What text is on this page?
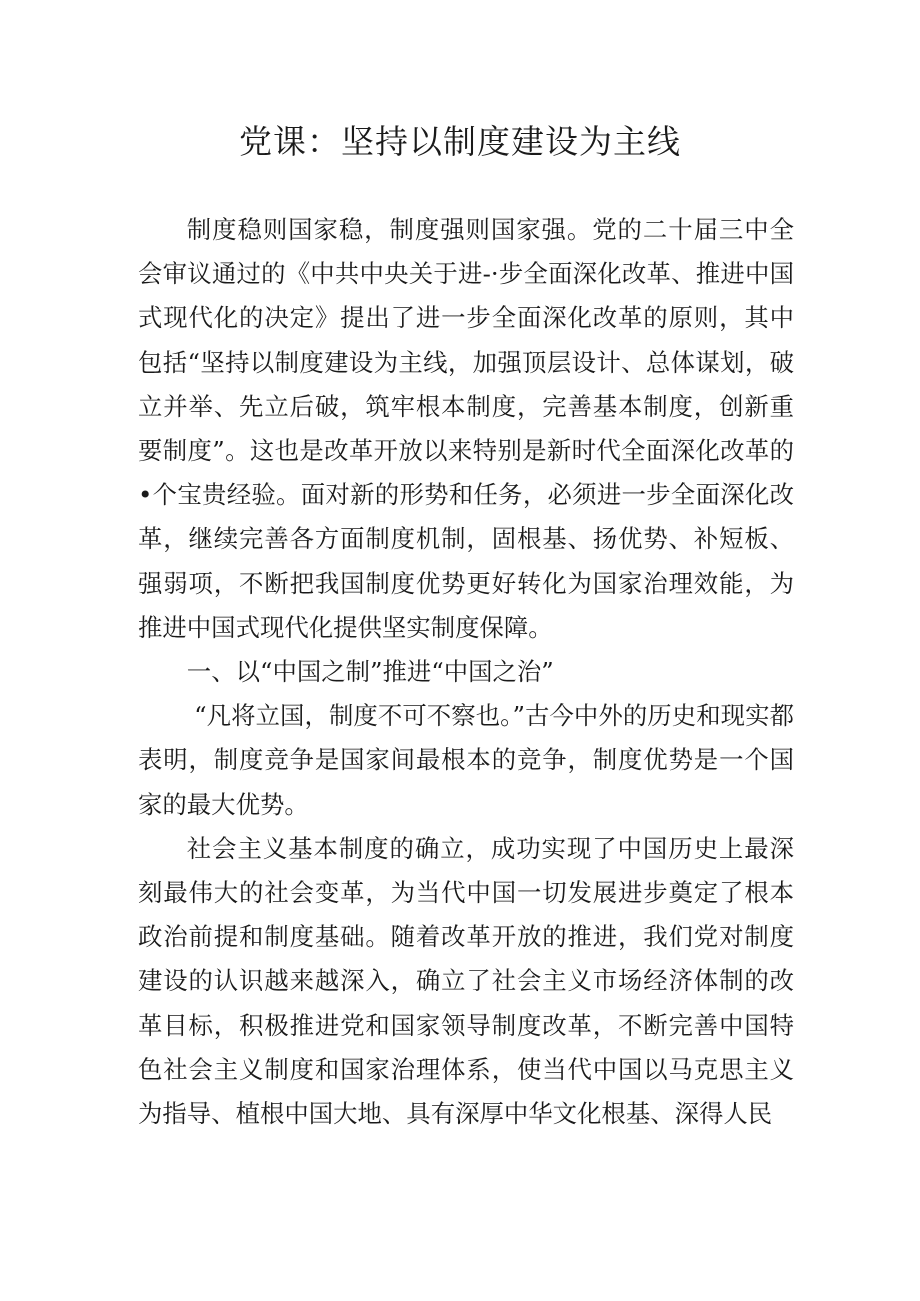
党课：坚持以制度建设为主线

制度稳则国家稳，制度强则国家强。党的二十届三中全会审议通过的《中共中央关于进-·步全面深化改革、推进中国式现代化的决定》提出了进一步全面深化改革的原则，其中包括“坚持以制度建设为主线，加强顶层设计、总体谋划，破立并举、先立后破，筑牢根本制度，完善基本制度，创新重要制度”。这也是改革开放以来特别是新时代全面深化改革的•个宝贵经验。面对新的形势和任务，必须进一步全面深化改革，继续完善各方面制度机制，固根基、扬优势、补短板、强弱项，不断把我国制度优势更好转化为国家治理效能，为推进中国式现代化提供坚实制度保障。

一、以“中国之制”推进“中国之治”

“凡将立国，制度不可不察也。”古今中外的历史和现实都表明，制度竞争是国家间最根本的竞争，制度优势是一个国家的最大优势。

社会主义基本制度的确立，成功实现了中国历史上最深刻最伟大的社会变革，为当代中国一切发展进步奠定了根本政治前提和制度基础。随着改革开放的推进，我们党对制度建设的认识越来越深入，确立了社会主义市场经济体制的改革目标，积极推进党和国家领导制度改革，不断完善中国特色社会主义制度和国家治理体系，使当代中国以马克思主义为指导、植根中国大地、具有深厚中华文化根基、深得人民
